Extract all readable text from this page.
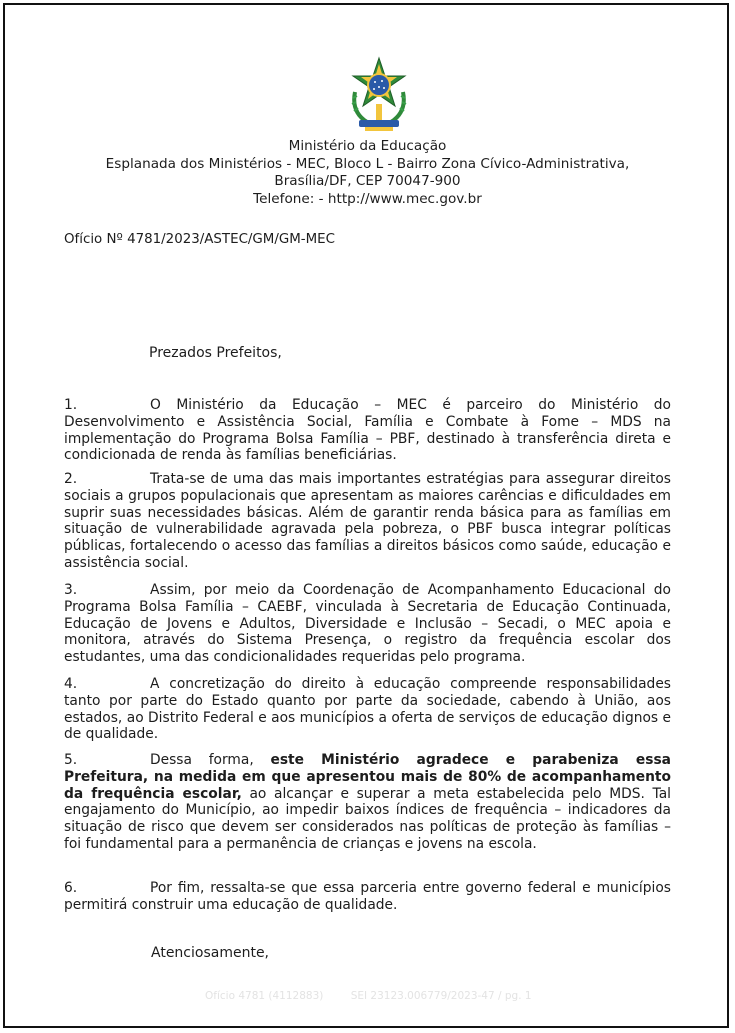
Ministério da Educação
Esplanada dos Ministérios - MEC, Bloco L - Bairro Zona Cívico-Administrativa,
Brasília/DF, CEP 70047-900
Telefone: - http://www.mec.gov.br
Ofício Nº 4781/2023/ASTEC/GM/GM-MEC
Prezados Prefeitos,
1.	O Ministério da Educação – MEC é parceiro do Ministério do Desenvolvimento e Assistência Social, Família e Combate à Fome – MDS na implementação do Programa Bolsa Família – PBF, destinado à transferência direta e condicionada de renda às famílias beneficiárias.
2.	Trata-se de uma das mais importantes estratégias para assegurar direitos sociais a grupos populacionais que apresentam as maiores carências e dificuldades em suprir suas necessidades básicas. Além de garantir renda básica para as famílias em situação de vulnerabilidade agravada pela pobreza, o PBF busca integrar políticas públicas, fortalecendo o acesso das famílias a direitos básicos como saúde, educação e assistência social.
3.	Assim, por meio da Coordenação de Acompanhamento Educacional do Programa Bolsa Família – CAEBF, vinculada à Secretaria de Educação Continuada, Educação de Jovens e Adultos, Diversidade e Inclusão – Secadi, o MEC apoia e monitora, através do Sistema Presença, o registro da frequência escolar dos estudantes, uma das condicionalidades requeridas pelo programa.
4.	A concretização do direito à educação compreende responsabilidades tanto por parte do Estado quanto por parte da sociedade, cabendo à União, aos estados, ao Distrito Federal e aos municípios a oferta de serviços de educação dignos e de qualidade.
5.	Dessa forma, este Ministério agradece e parabeniza essa Prefeitura, na medida em que apresentou mais de 80% de acompanhamento da frequência escolar, ao alcançar e superar a meta estabelecida pelo MDS. Tal engajamento do Município, ao impedir baixos índices de frequência – indicadores da situação de risco que devem ser considerados nas políticas de proteção às famílias – foi fundamental para a permanência de crianças e jovens na escola.
6.	Por fim, ressalta-se que essa parceria entre governo federal e municípios permitirá construir uma educação de qualidade.
Atenciosamente,
Ofício 4781 (4112883)	SEI 23123.006779/2023-47 / pg. 1
